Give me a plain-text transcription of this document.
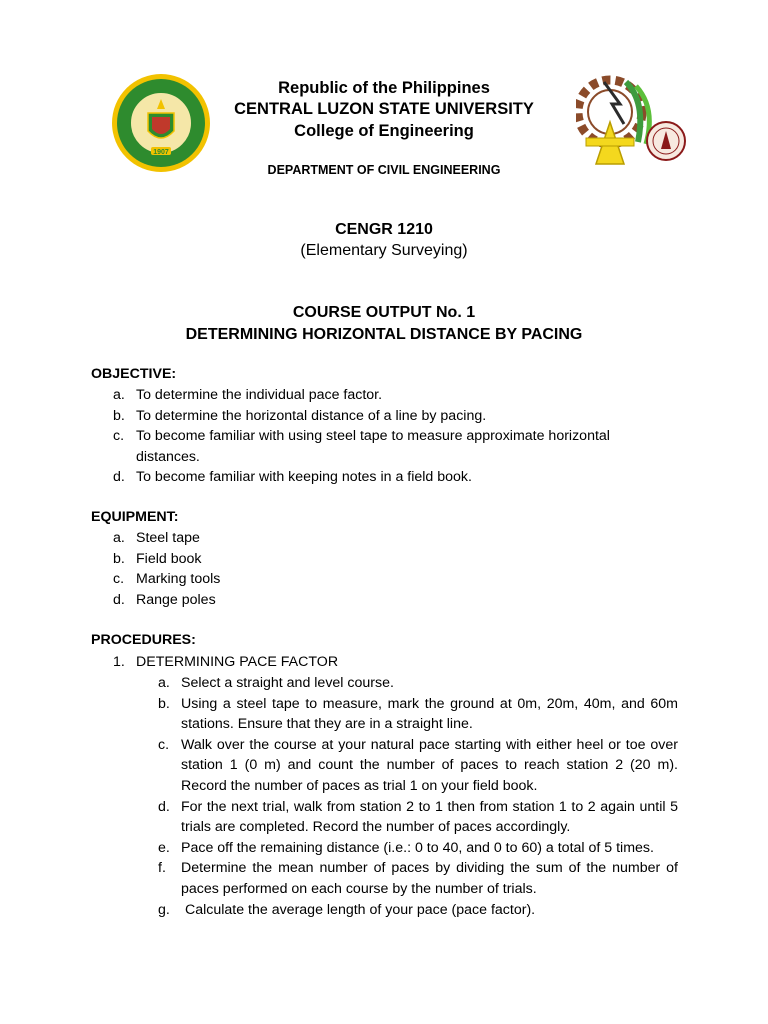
1907
Republic of the Philippines
CENTRAL LUZON STATE UNIVERSITY
College of Engineering
DEPARTMENT OF CIVIL ENGINEERING
CENGR 1210
(Elementary Surveying)
COURSE OUTPUT No. 1
DETERMINING HORIZONTAL DISTANCE BY PACING
OBJECTIVE:
a. To determine the individual pace factor.
b. To determine the horizontal distance of a line by pacing.
c. To become familiar with using steel tape to measure approximate horizontal distances.
d. To become familiar with keeping notes in a field book.
EQUIPMENT:
a. Steel tape
b. Field book
c. Marking tools
d. Range poles
PROCEDURES:
1. DETERMINING PACE FACTOR
a. Select a straight and level course.
b. Using a steel tape to measure, mark the ground at 0m, 20m, 40m, and 60m stations. Ensure that they are in a straight line.
c. Walk over the course at your natural pace starting with either heel or toe over station 1 (0 m) and count the number of paces to reach station 2 (20 m). Record the number of paces as trial 1 on your field book.
d. For the next trial, walk from station 2 to 1 then from station 1 to 2 again until 5 trials are completed. Record the number of paces accordingly.
e. Pace off the remaining distance (i.e.: 0 to 40, and 0 to 60) a total of 5 times.
f.	Determine the mean number of paces by dividing the sum of the number of paces performed on each course by the number of trials.
g. Calculate the average length of your pace (pace factor).
